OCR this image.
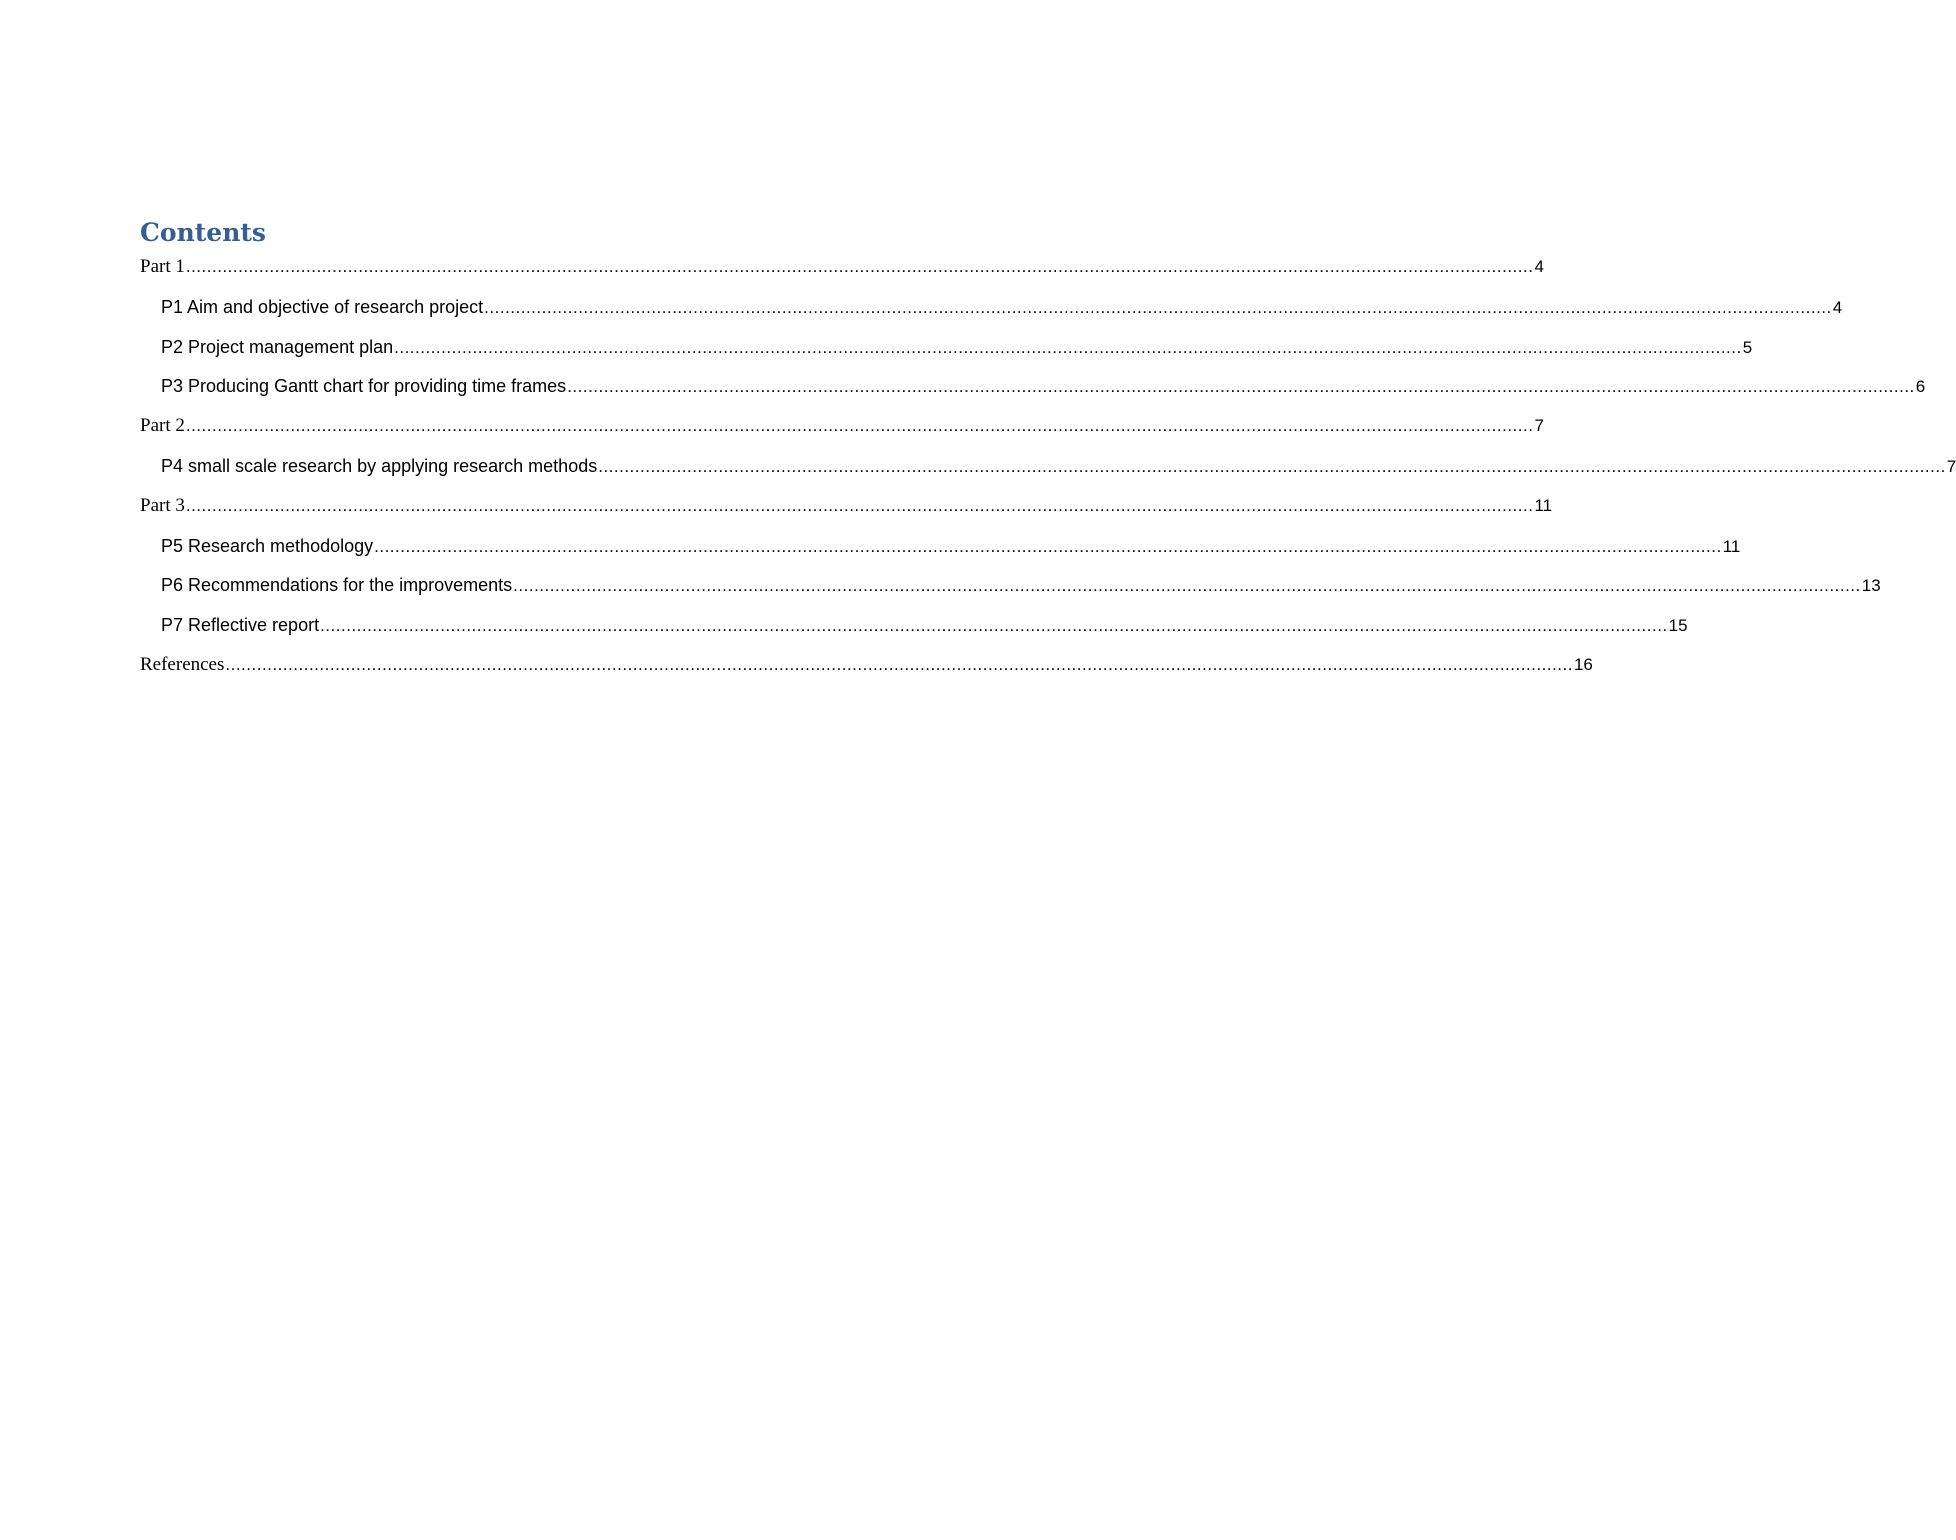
Contents
Part 1 .................................................................................................................................................................................................................................................................. 4
P1 Aim and objective of research project .................................................................................................................................................................................................................................................................. 4
P2 Project management plan .................................................................................................................................................................................................................................................................. 5
P3 Producing Gantt chart for providing time frames .................................................................................................................................................................................................................................................................. 6
Part 2 .................................................................................................................................................................................................................................................................. 7
P4 small scale research by applying research methods .................................................................................................................................................................................................................................................................. 7
Part 3 .................................................................................................................................................................................................................................................................. 11
P5 Research methodology .................................................................................................................................................................................................................................................................. 11
P6 Recommendations for the improvements .................................................................................................................................................................................................................................................................. 13
P7 Reflective report .................................................................................................................................................................................................................................................................. 15
References .................................................................................................................................................................................................................................................................. 16
